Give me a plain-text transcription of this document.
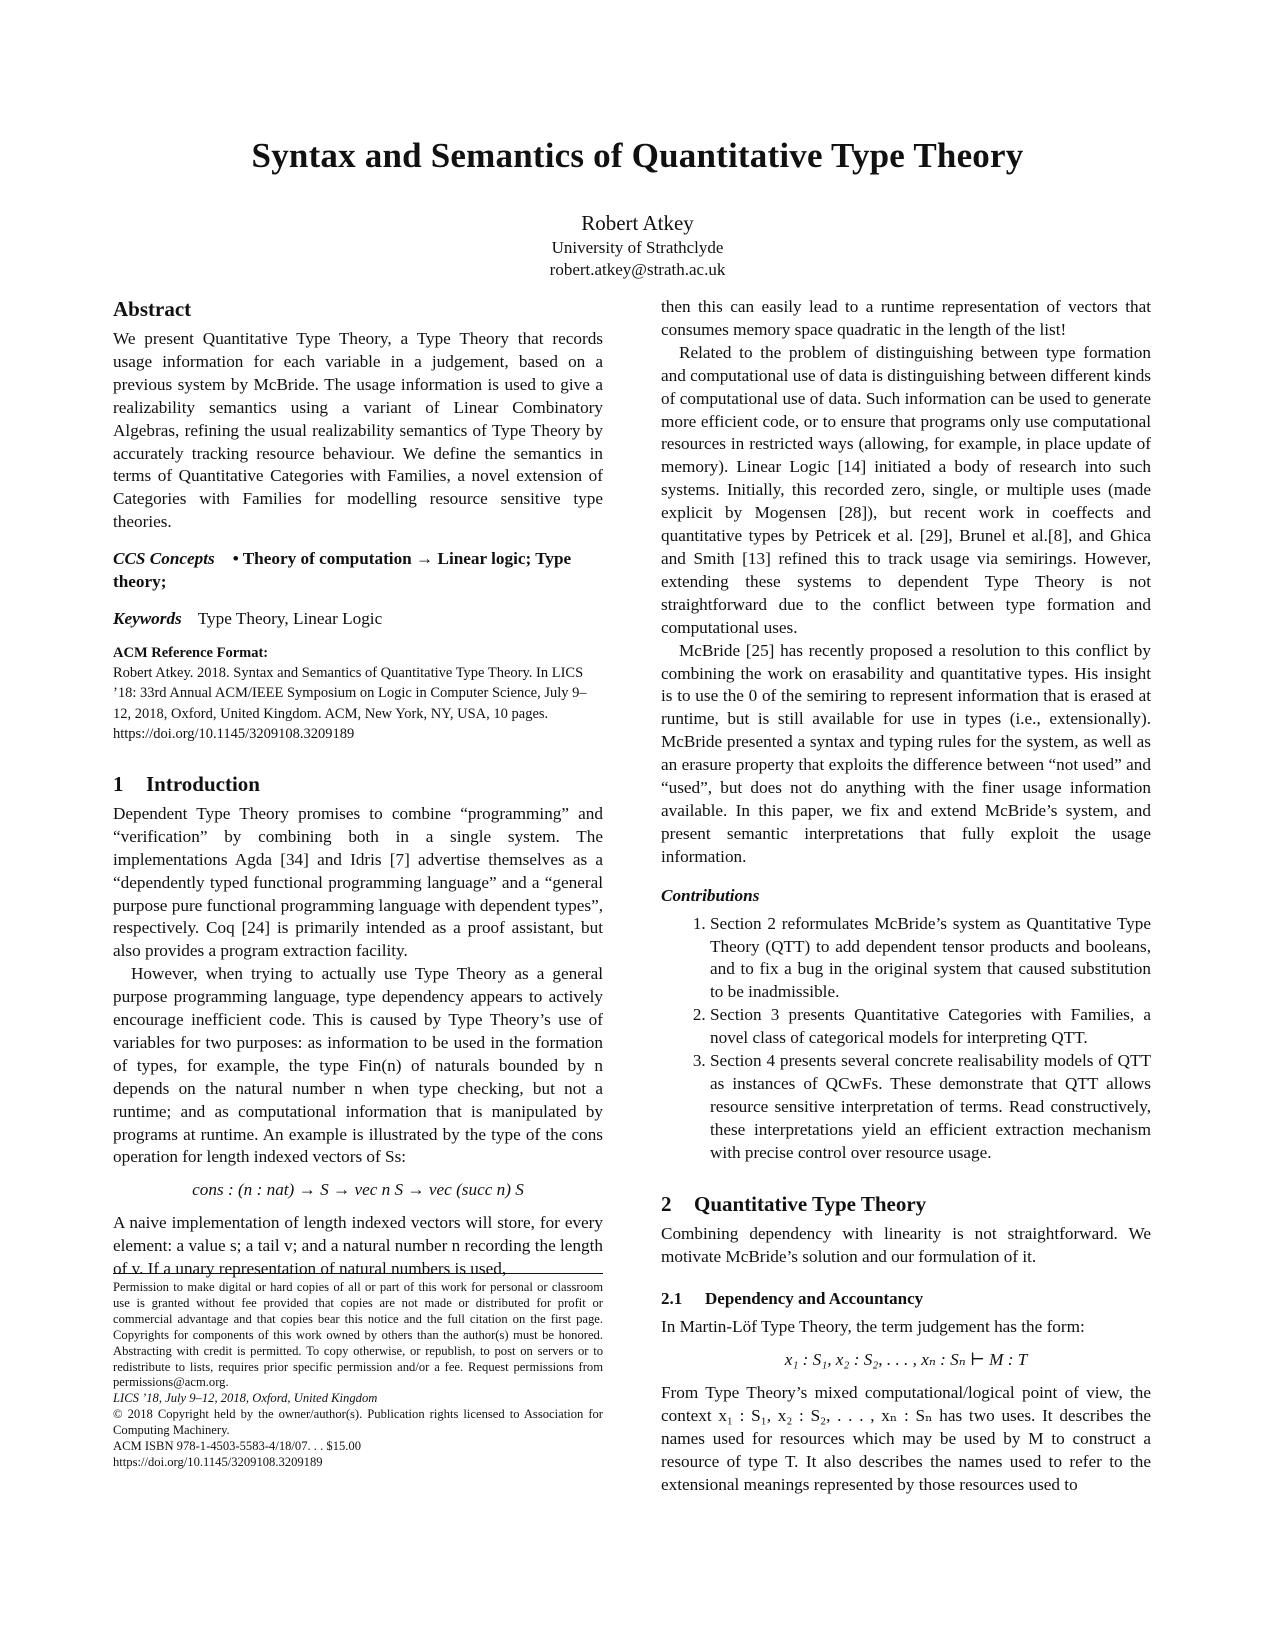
Syntax and Semantics of Quantitative Type Theory
Robert Atkey
University of Strathclyde
robert.atkey@strath.ac.uk
Abstract

We present Quantitative Type Theory, a Type Theory that records usage information for each variable in a judgement, based on a previous system by McBride. The usage information is used to give a realizability semantics using a variant of Linear Combinatory Algebras, refining the usual realizability semantics of Type Theory by accurately tracking resource behaviour. We define the semantics in terms of Quantitative Categories with Families, a novel extension of Categories with Families for modelling resource sensitive type theories.

CCS Concepts • Theory of computation → Linear logic; Type theory;
Keywords Type Theory, Linear Logic
ACM Reference Format:

Robert Atkey. 2018. Syntax and Semantics of Quantitative Type Theory. In LICS ’18: 33rd Annual ACM/IEEE Symposium on Logic in Computer Science, July 9–12, 2018, Oxford, United Kingdom. ACM, New York, NY, USA, 10 pages.

https://doi.org/10.1145/3209108.3209189
1 Introduction

Dependent Type Theory promises to combine “programming” and “verification” by combining both in a single system. The implementations Agda [34] and Idris [7] advertise themselves as a “dependently typed functional programming language” and a “general purpose pure functional programming language with dependent types”, respectively. Coq [24] is primarily intended as a proof assistant, but also provides a program extraction facility.

However, when trying to actually use Type Theory as a general purpose programming language, type dependency appears to actively encourage inefficient code. This is caused by Type Theory’s use of variables for two purposes: as information to be used in the formation of types, for example, the type Fin(n) of naturals bounded by n depends on the natural number n when type checking, but not a runtime; and as computational information that is manipulated by programs at runtime. An example is illustrated by the type of the cons operation for length indexed vectors of Ss:

cons : (n : nat) → S → vec n S → vec (succ n) S

A naive implementation of length indexed vectors will store, for every element: a value s; a tail v; and a natural number n recording the length of v. If a unary representation of natural numbers is used,

Permission to make digital or hard copies of all or part of this work for personal or classroom use is granted without fee provided that copies are not made or distributed for profit or commercial advantage and that copies bear this notice and the full citation on the first page. Copyrights for components of this work owned by others than the author(s) must be honored. Abstracting with credit is permitted. To copy otherwise, or republish, to post on servers or to redistribute to lists, requires prior specific permission and/or a fee. Request permissions from permissions@acm.org.

LICS ’18, July 9–12, 2018, Oxford, United Kingdom

© 2018 Copyright held by the owner/author(s). Publication rights licensed to Association for Computing Machinery.

ACM ISBN 978-1-4503-5583-4/18/07. . . $15.00

https://doi.org/10.1145/3209108.3209189

then this can easily lead to a runtime representation of vectors that consumes memory space quadratic in the length of the list!

Related to the problem of distinguishing between type formation and computational use of data is distinguishing between different kinds of computational use of data. Such information can be used to generate more efficient code, or to ensure that programs only use computational resources in restricted ways (allowing, for example, in place update of memory). Linear Logic [14] initiated a body of research into such systems. Initially, this recorded zero, single, or multiple uses (made explicit by Mogensen [28]), but recent work in coeffects and quantitative types by Petricek et al. [29], Brunel et al.[8], and Ghica and Smith [13] refined this to track usage via semirings. However, extending these systems to dependent Type Theory is not straightforward due to the conflict between type formation and computational uses.

McBride [25] has recently proposed a resolution to this conflict by combining the work on erasability and quantitative types. His insight is to use the 0 of the semiring to represent information that is erased at runtime, but is still available for use in types (i.e., extensionally). McBride presented a syntax and typing rules for the system, as well as an erasure property that exploits the difference between “not used” and “used”, but does not do anything with the finer usage information available. In this paper, we fix and extend McBride’s system, and present semantic interpretations that fully exploit the usage information.

Contributions
1. Section 2 reformulates McBride’s system as Quantitative Type Theory (QTT) to add dependent tensor products and booleans, and to fix a bug in the original system that caused substitution to be inadmissible.
2. Section 3 presents Quantitative Categories with Families, a novel class of categorical models for interpreting QTT.
3. Section 4 presents several concrete realisability models of QTT as instances of QCwFs. These demonstrate that QTT allows resource sensitive interpretation of terms. Read constructively, these interpretations yield an efficient extraction mechanism with precise control over resource usage.
2 Quantitative Type Theory

Combining dependency with linearity is not straightforward. We motivate McBride’s solution and our formulation of it.

2.1 Dependency and Accountancy

In Martin-Löf Type Theory, the term judgement has the form:

x₁ : S₁, x₂ : S₂, . . . , xₙ : Sₙ ⊢ M : T

From Type Theory’s mixed computational/logical point of view, the context x₁ : S₁, x₂ : S₂, . . . , xₙ : Sₙ has two uses. It describes the names used for resources which may be used by M to construct a resource of type T. It also describes the names used to refer to the extensional meanings represented by those resources used to
